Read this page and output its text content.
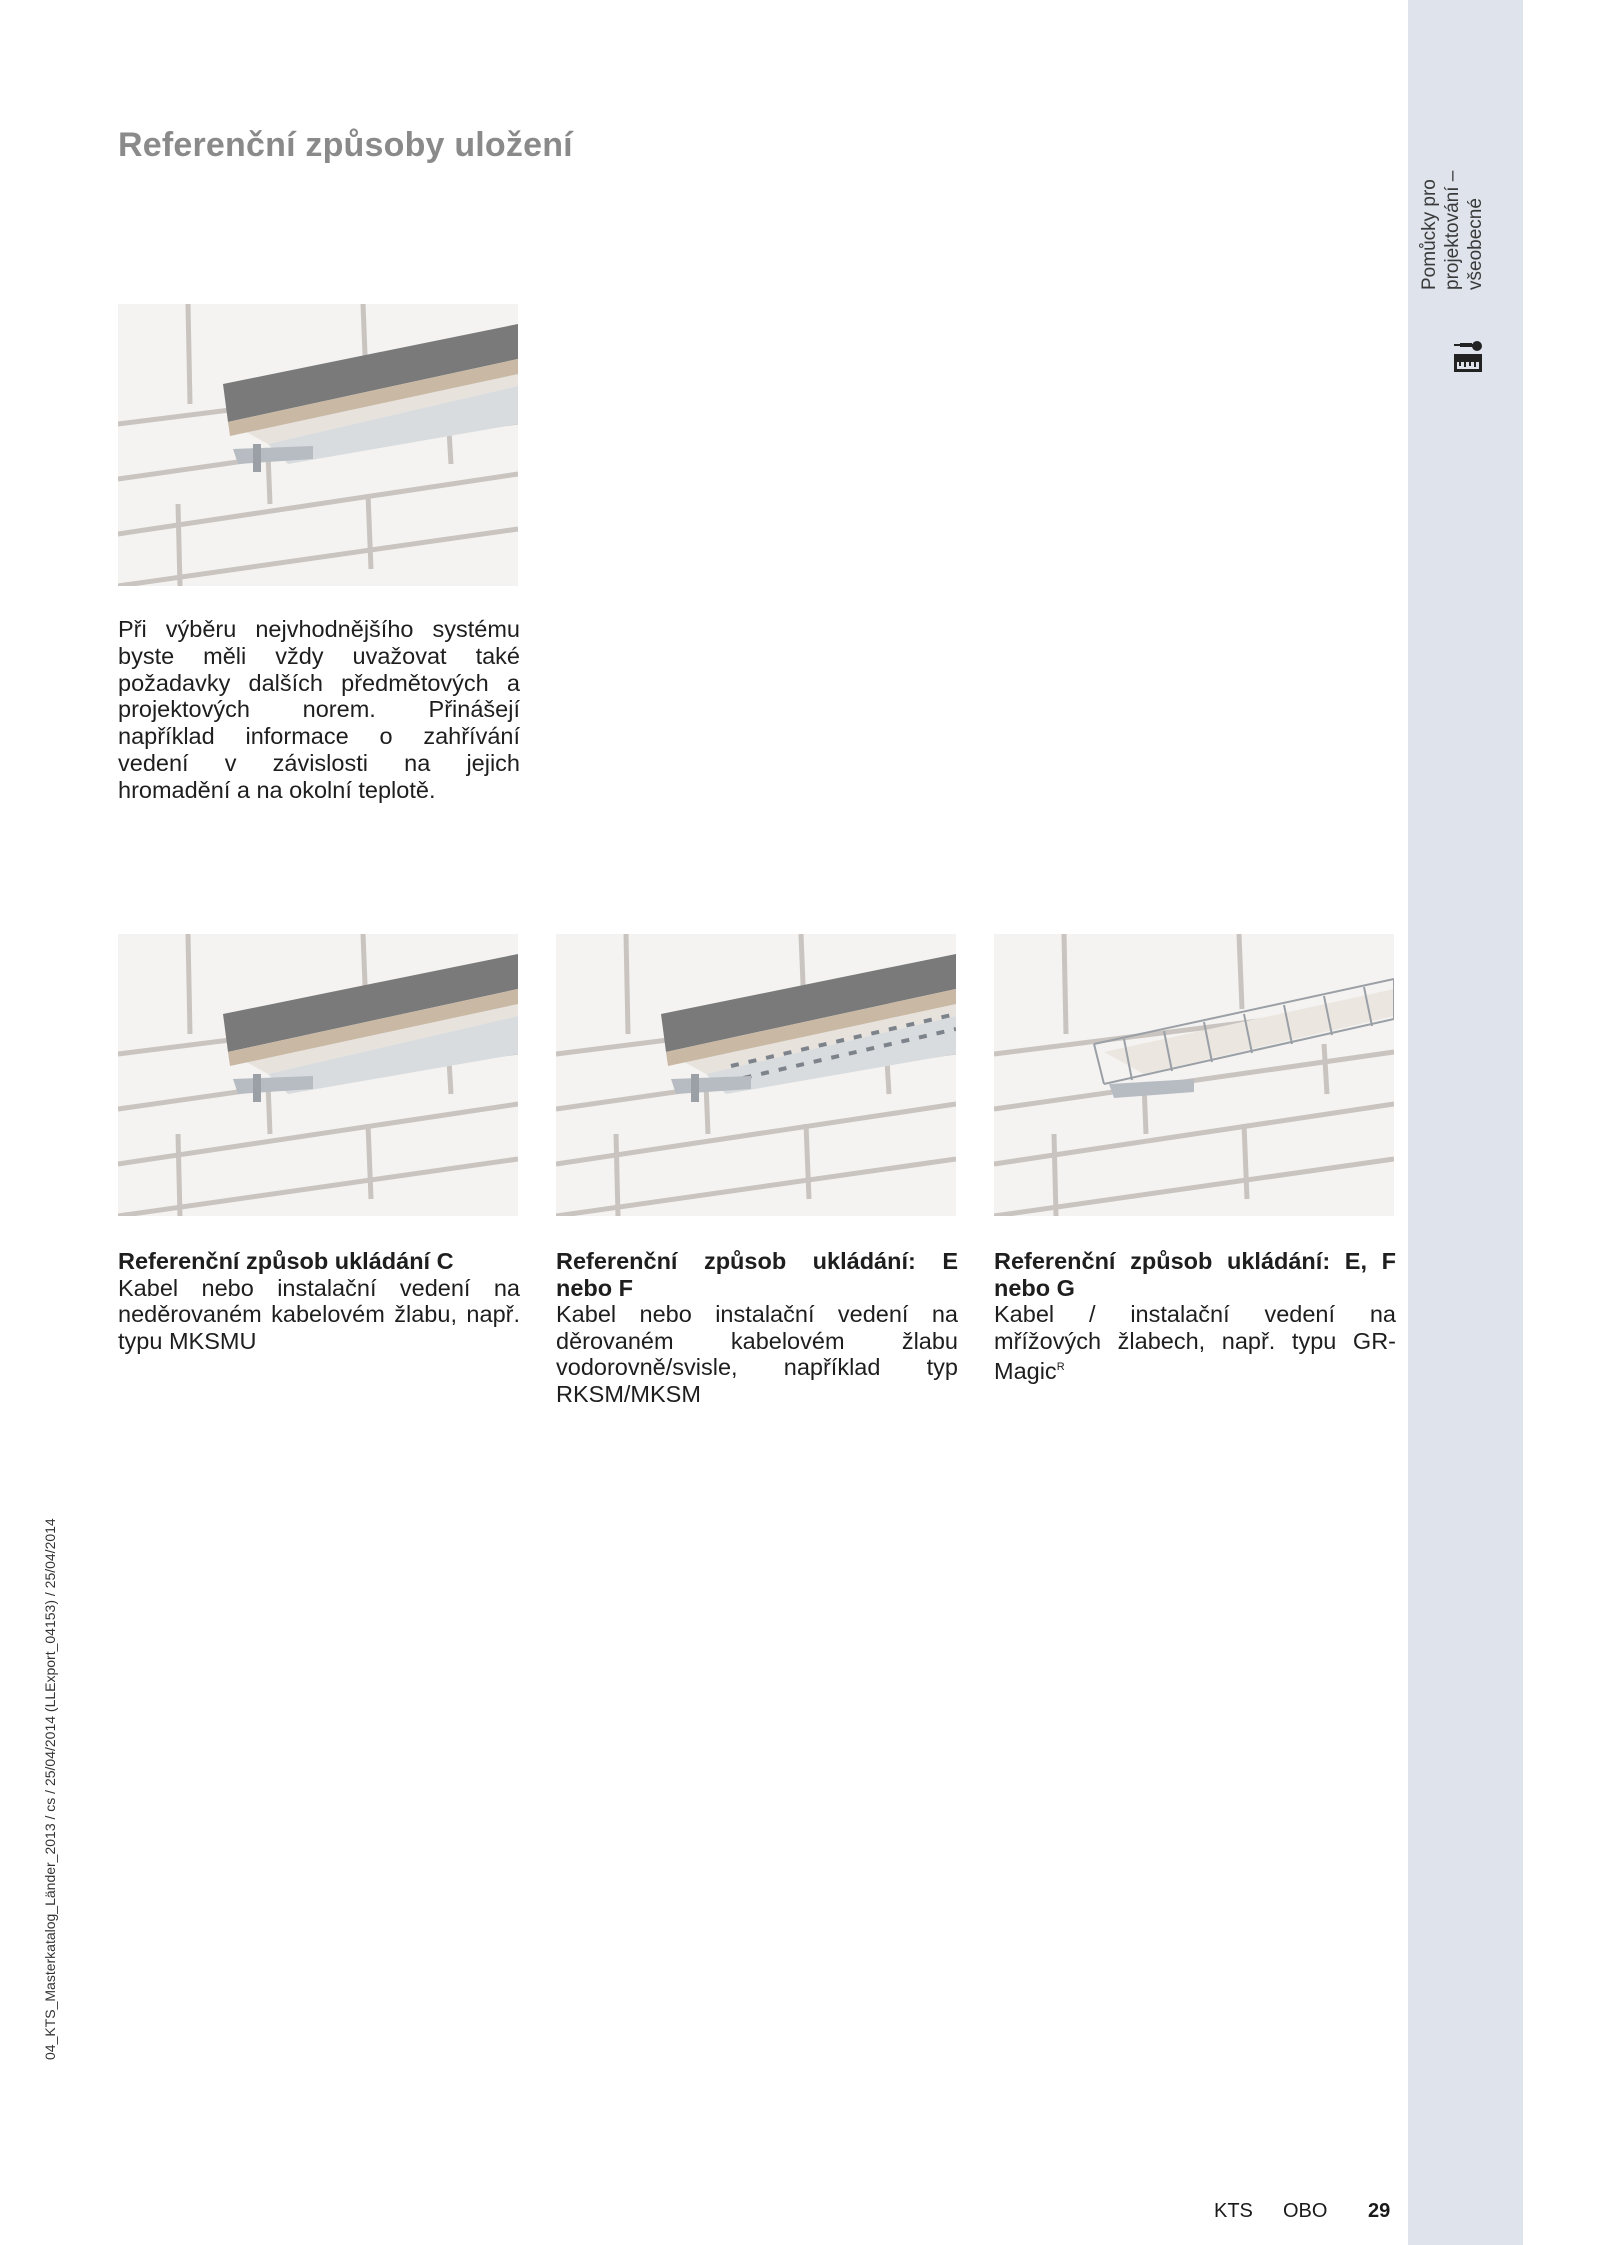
Pomůcky pro projektování – všeobecné
Referenční způsoby uložení
Při výběru nejvhodnějšího systému byste měli vždy uvažovat také požadavky dalších předmětových a projektových norem. Přinášejí například informace o zahřívání vedení v závislosti na jejich hromadění a na okolní teplotě.
Referenční způsob ukládání C
Kabel nebo instalační vedení na neděrovaném kabelovém žlabu, např. typu MKSMU
Referenční způsob ukládání: E nebo F
Kabel nebo instalační vedení na děrovaném kabelovém žlabu vodorovně/svisle, například typ RKSM/MKSM
Referenční způsob ukládání: E, F nebo G
Kabel / instalační vedení na mřížových žlabech, např. typu GR-Magic$^R$
04_KTS_Masterkatalog_Länder_2013 / cs / 25/04/2014 (LLExport_04153) / 25/04/2014
KTS OBO 29
